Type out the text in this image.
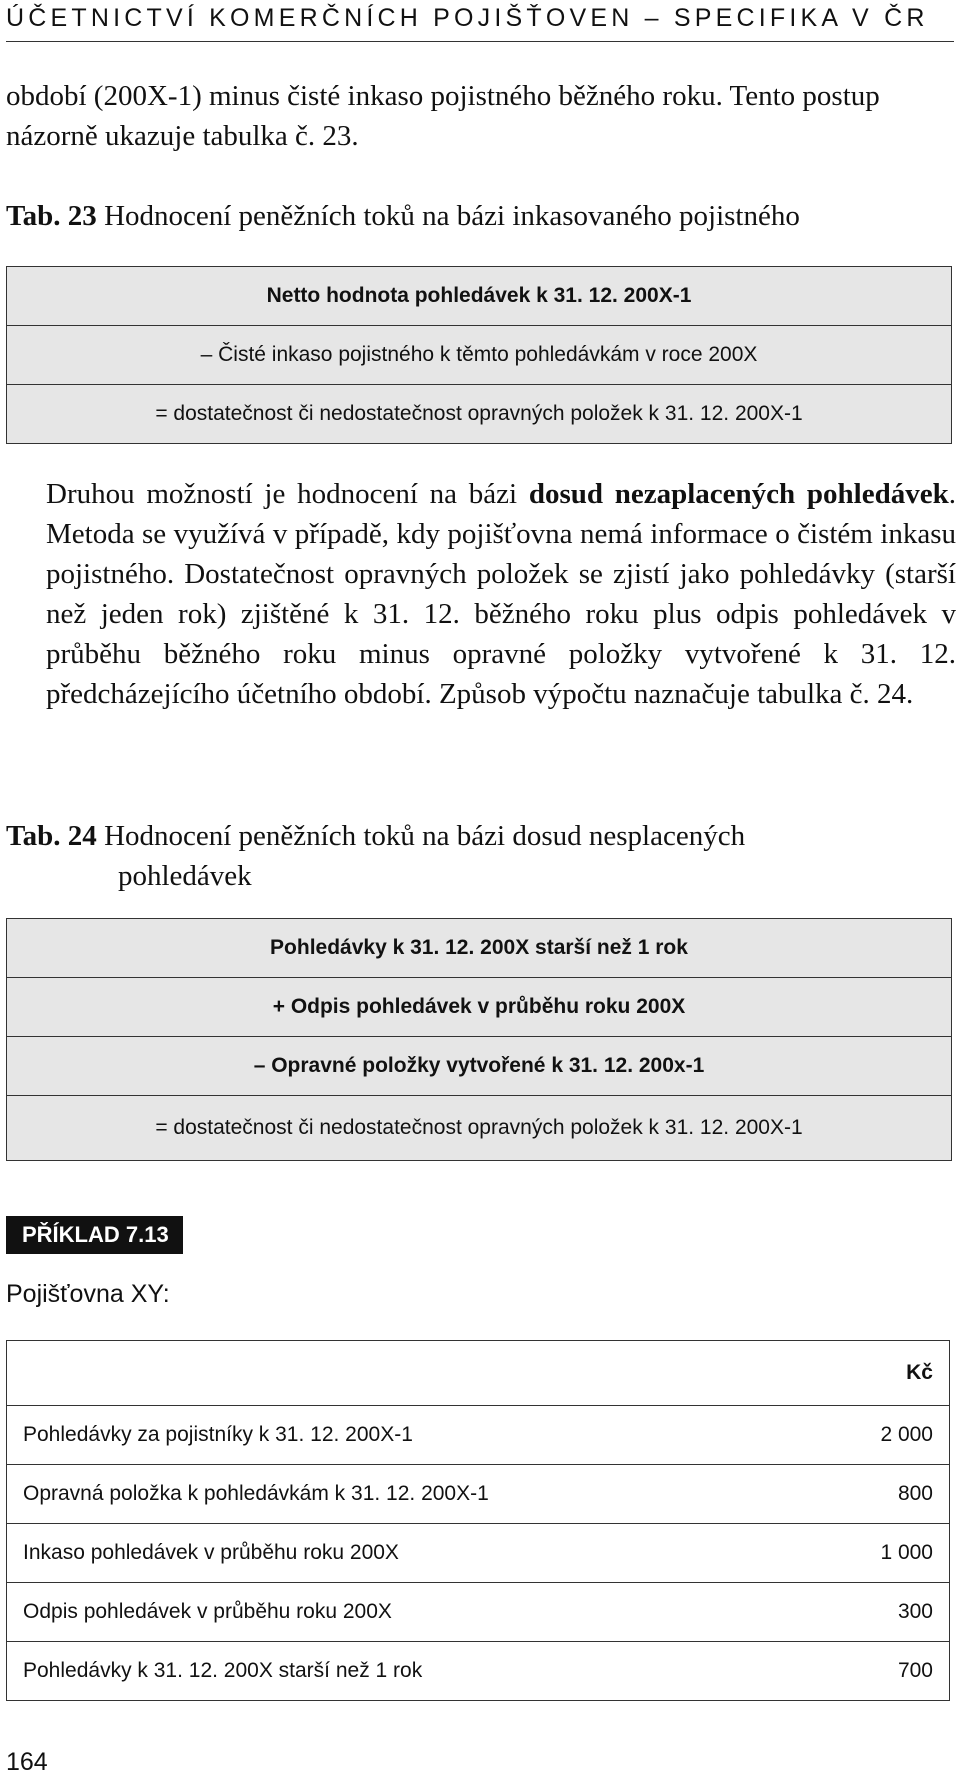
ÚČETNICTVÍ KOMERČNÍCH POJIŠŤOVEN – SPECIFIKA V ČR

období (200X-1) minus čisté inkaso pojistného běžného roku. Tento postup názorně ukazuje tabulka č. 23.

Tab. 23 Hodnocení peněžních toků na bázi inkasovaného pojistného
Netto hodnota pohledávek k 31. 12. 200X-1
– Čisté inkaso pojistného k těmto pohledávkám v roce 200X
= dostatečnost či nedostatečnost opravných položek k 31. 12. 200X-1

Druhou možností je hodnocení na bázi dosud nezaplacených pohledávek. Metoda se využívá v případě, kdy pojišťovna nemá informace o čistém inkasu pojistného. Dostatečnost opravných položek se zjistí jako pohledávky (starší než jeden rok) zjištěné k 31. 12. běžného roku plus odpis pohledávek v průběhu běžného roku minus opravné položky vytvořené k 31. 12. předcházejícího účetního období. Způsob výpočtu naznačuje tabulka č. 24.

Tab. 24 Hodnocení peněžních toků na bázi dosud nesplacených
pohledávek
Pohledávky k 31. 12. 200X starší než 1 rok
+ Odpis pohledávek v průběhu roku 200X
– Opravné položky vytvořené k 31. 12. 200x-1
= dostatečnost či nedostatečnost opravných položek k 31. 12. 200X-1
PŘÍKLAD 7.13
Pojišťovna XY:
	Kč
Pohledávky za pojistníky k 31. 12. 200X-1	2 000
Opravná položka k pohledávkám k 31. 12. 200X-1	800
Inkaso pohledávek v průběhu roku 200X	1 000
Odpis pohledávek v průběhu roku 200X	300
Pohledávky k 31. 12. 200X starší než 1 rok	700
164
